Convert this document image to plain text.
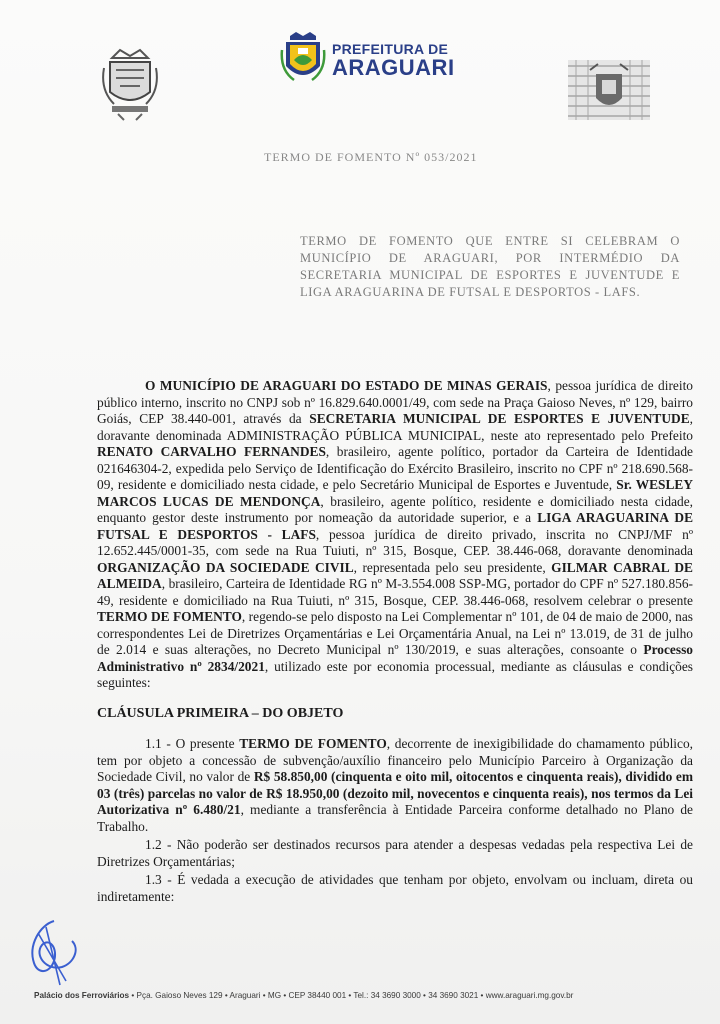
PREFEITURA DE
ARAGUARI
TERMO DE FOMENTO Nº 053/2021
TERMO DE FOMENTO QUE ENTRE SI CELEBRAM O MUNICÍPIO DE ARAGUARI, POR INTERMÉDIO DA SECRETARIA MUNICIPAL DE ESPORTES E JUVENTUDE E LIGA ARAGUARINA DE FUTSAL E DESPORTOS - LAFS.

O MUNICÍPIO DE ARAGUARI DO ESTADO DE MINAS GERAIS, pessoa jurídica de direito público interno, inscrito no CNPJ sob nº 16.829.640.0001/49, com sede na Praça Gaioso Neves, nº 129, bairro Goiás, CEP 38.440-001, através da SECRETARIA MUNICIPAL DE ESPORTES E JUVENTUDE, doravante denominada ADMINISTRAÇÃO PÚBLICA MUNICIPAL, neste ato representado pelo Prefeito RENATO CARVALHO FERNANDES, brasileiro, agente político, portador da Carteira de Identidade 021646304-2, expedida pelo Serviço de Identificação do Exército Brasileiro, inscrito no CPF nº 218.690.568-09, residente e domiciliado nesta cidade, e pelo Secretário Municipal de Esportes e Juventude, Sr. WESLEY MARCOS LUCAS DE MENDONÇA, brasileiro, agente político, residente e domiciliado nesta cidade, enquanto gestor deste instrumento por nomeação da autoridade superior, e a LIGA ARAGUARINA DE FUTSAL E DESPORTOS - LAFS, pessoa jurídica de direito privado, inscrita no CNPJ/MF nº 12.652.445/0001-35, com sede na Rua Tuiuti, nº 315, Bosque, CEP. 38.446-068, doravante denominada ORGANIZAÇÃO DA SOCIEDADE CIVIL, representada pelo seu presidente, GILMAR CABRAL DE ALMEIDA, brasileiro, Carteira de Identidade RG nº M-3.554.008 SSP-MG, portador do CPF nº 527.180.856-49, residente e domiciliado na Rua Tuiuti, nº 315, Bosque, CEP. 38.446-068, resolvem celebrar o presente TERMO DE FOMENTO, regendo-se pelo disposto na Lei Complementar nº 101, de 04 de maio de 2000, nas correspondentes Lei de Diretrizes Orçamentárias e Lei Orçamentária Anual, na Lei nº 13.019, de 31 de julho de 2.014 e suas alterações, no Decreto Municipal nº 130/2019, e suas alterações, consoante o Processo Administrativo nº 2834/2021, utilizado este por economia processual, mediante as cláusulas e condições seguintes:

CLÁUSULA PRIMEIRA – DO OBJETO

1.1 - O presente TERMO DE FOMENTO, decorrente de inexigibilidade do chamamento público, tem por objeto a concessão de subvenção/auxílio financeiro pelo Município Parceiro à Organização da Sociedade Civil, no valor de R$ 58.850,00 (cinquenta e oito mil, oitocentos e cinquenta reais), dividido em 03 (três) parcelas no valor de R$ 18.950,00 (dezoito mil, novecentos e cinquenta reais), nos termos da Lei Autorizativa nº 6.480/21, mediante a transferência à Entidade Parceira conforme detalhado no Plano de Trabalho.

1.2 - Não poderão ser destinados recursos para atender a despesas vedadas pela respectiva Lei de Diretrizes Orçamentárias;

1.3 - É vedada a execução de atividades que tenham por objeto, envolvam ou incluam, direta ou indiretamente:

Palácio dos Ferroviários • Pça. Gaioso Neves 129 • Araguari • MG • CEP 38440 001 • Tel.: 34 3690 3000 • 34 3690 3021 • www.araguari.mg.gov.br
